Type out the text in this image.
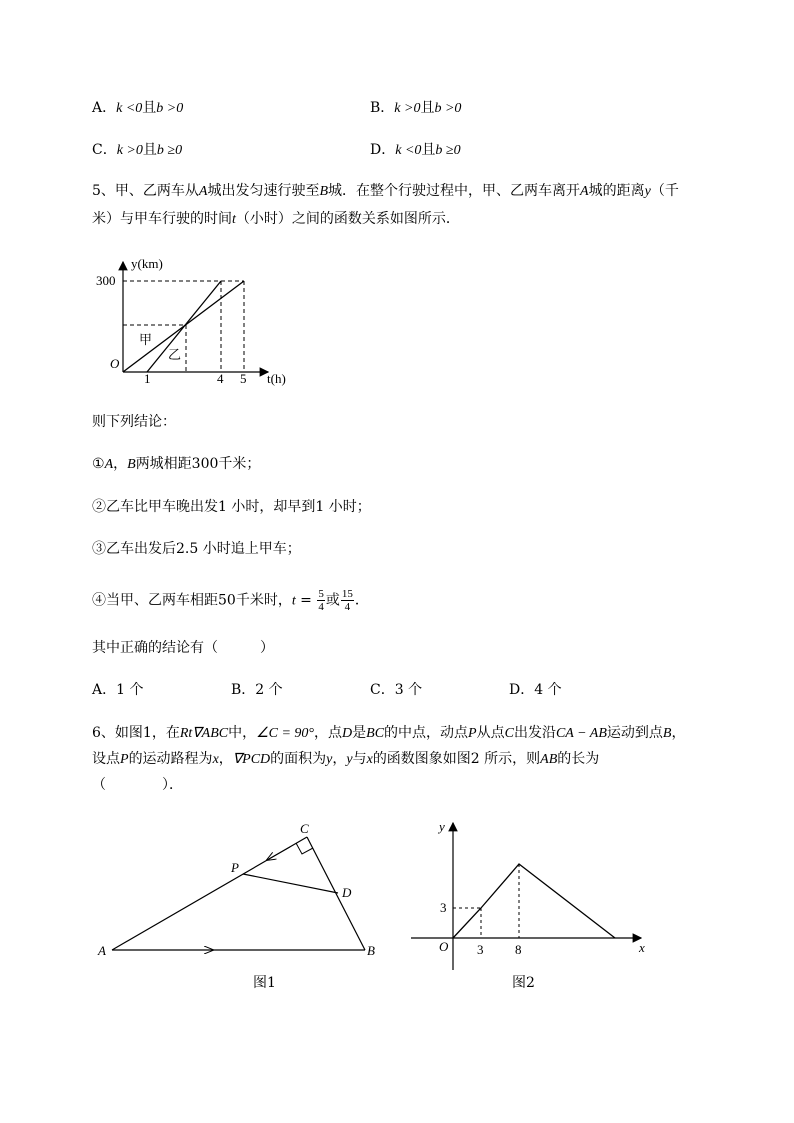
A．k <0且b >0	B．k >0且b >0
C．k >0且b ≥0	D．k <0且b ≥0
5、甲、乙两车从A城出发匀速行驶至B城．在整个行驶过程中，甲、乙两车离开A城的距离y（千
米）与甲车行驶的时间t（小时）之间的函数关系如图所示．
y(km)
t(h)
O
300
1	4 5
甲
乙
则下列结论：
①A，B两城相距300千米；
②乙车比甲车晚出发1 小时，却早到1 小时；
③乙车出发后2.5 小时追上甲车；
④当甲、乙两车相距50千米时，$t = \frac{5}{4}$ 或 $\frac{15}{4}$ ．
其中正确的结论有（　　　）
A．1 个	B．2 个	C．3 个	D．4 个
6、如图1，在Rt∇ABC中，∠C = 90°，点D是BC的中点，动点P从点C出发沿CA − AB运动到点B，
设点P的运动路程为x，∇PCD的面积为y，y与x的函数图象如图2 所示，则AB的长为
（　　　　）．
A	B
C
D
P
图1
y
x
O
3
3 8
图2
